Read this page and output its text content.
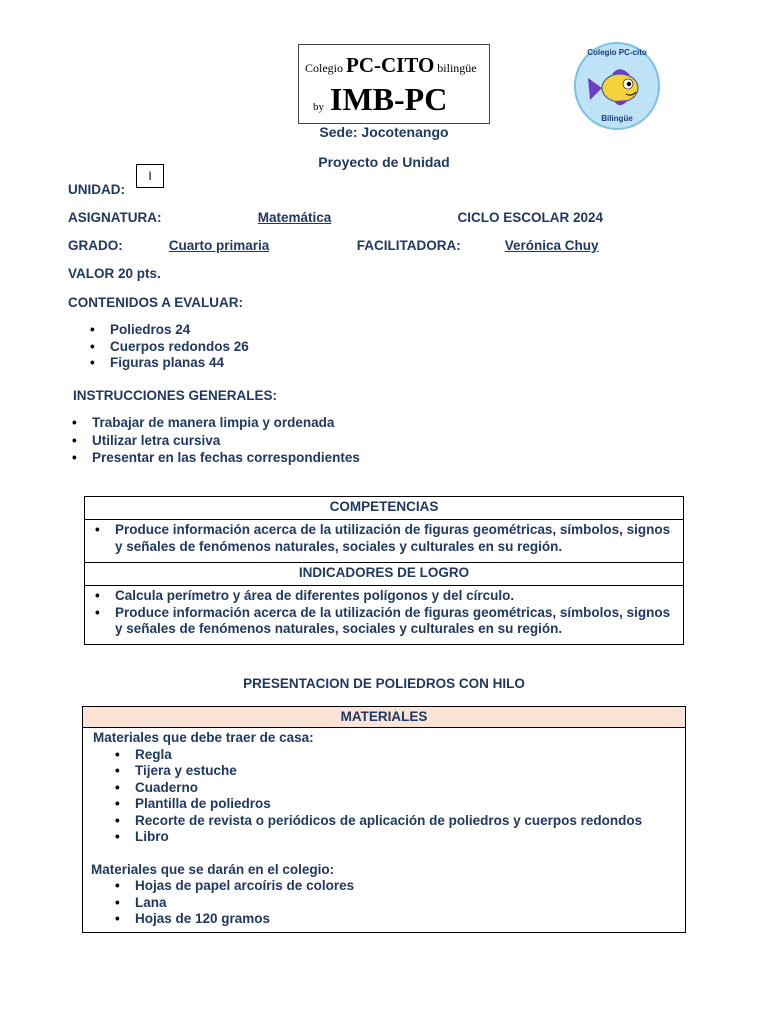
Colegio PC-CITO bilingüe
by IMB-PC
Colegio PC-cito
Bilingüe
Sede: Jocotenango
Proyecto de Unidad
UNIDAD:
I
ASIGNATURA:	Matemática	CICLO ESCOLAR 2024
GRADO:	Cuarto primaria	FACILITADORA:	Verónica Chuy
VALOR 20 pts.
CONTENIDOS A EVALUAR:
• Poliedros 24
• Cuerpos redondos 26
• Figuras planas 44
INSTRUCCIONES GENERALES:
• Trabajar de manera limpia y ordenada
• Utilizar letra cursiva
• Presentar en las fechas correspondientes
COMPETENCIAS

• Produce información acerca de la utilización de figuras geométricas, símbolos, signos y señales de fenómenos naturales, sociales y culturales en su región.

INDICADORES DE LOGRO

• Calcula perímetro y área de diferentes polígonos y del círculo.
• Produce información acerca de la utilización de figuras geométricas, símbolos, signos y señales de fenómenos naturales, sociales y culturales en su región.
PRESENTACION DE POLIEDROS CON HILO
MATERIALES

Materiales que debe traer de casa:
• Regla
• Tijera y estuche
• Cuaderno
• Plantilla de poliedros
• Recorte de revista o periódicos de aplicación de poliedros y cuerpos redondos
• Libro
Materiales que se darán en el colegio:
• Hojas de papel arcoíris de colores
• Lana
• Hojas de 120 gramos
